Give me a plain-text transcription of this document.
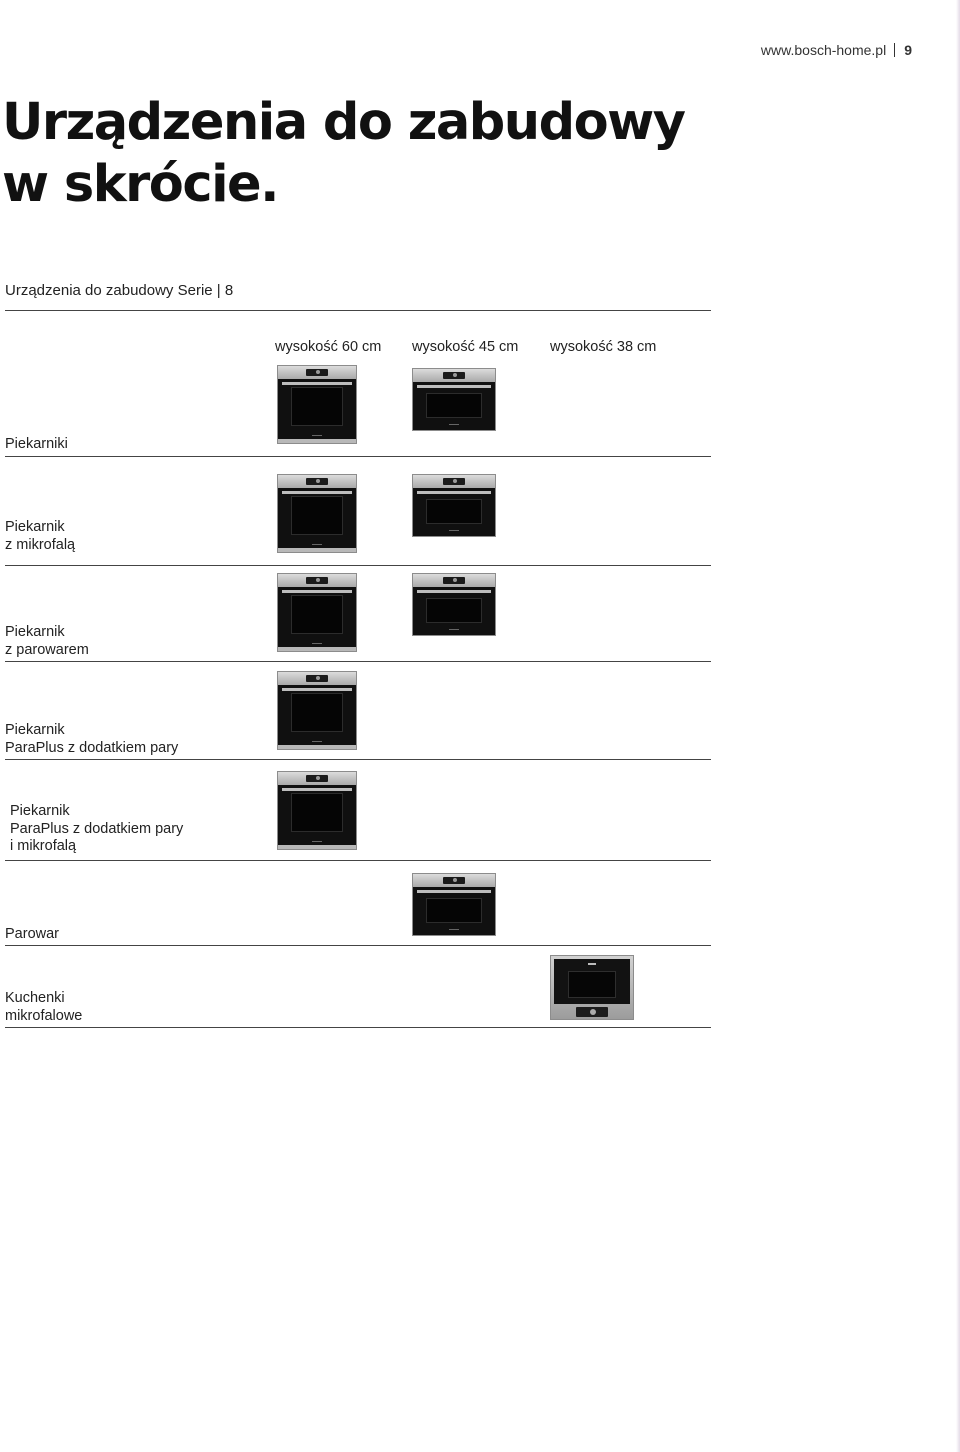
www.bosch-home.pl 9
Urządzenia do zabudowy
w skrócie.
Urządzenia do zabudowy Serie | 8
wysokość 60 cm wysokość 45 cm wysokość 38 cm
Piekarniki
Piekarnik
z mikrofalą
Piekarnik
z parowarem
Piekarnik
ParaPlus z dodatkiem pary
Piekarnik
ParaPlus z dodatkiem pary
i mikrofalą
Parowar
Kuchenki
mikrofalowe
